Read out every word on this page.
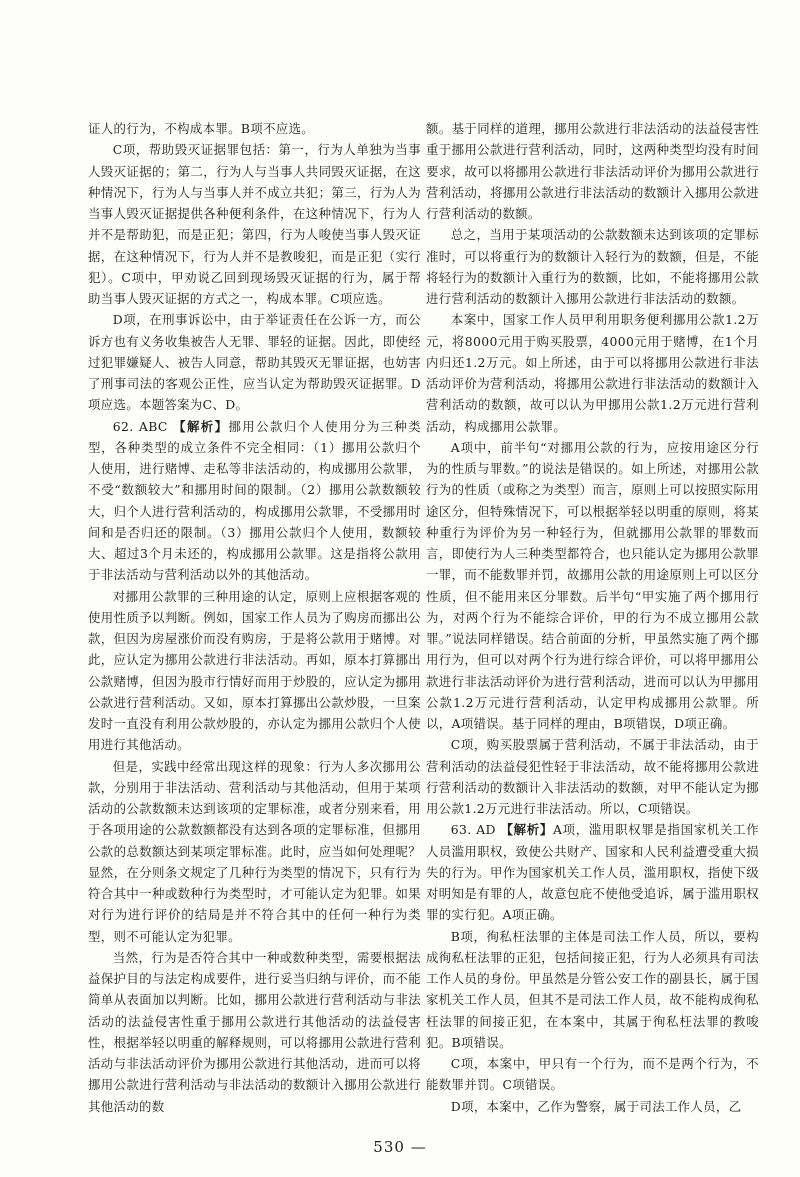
证人的行为，不构成本罪。B项不应选。

C项，帮助毁灭证据罪包括：第一，行为人单独为当事人毁灭证据的；第二，行为人与当事人共同毁灭证据，在这种情况下，行为人与当事人并不成立共犯；第三，行为人为当事人毁灭证据提供各种便利条件，在这种情况下，行为人并不是帮助犯，而是正犯；第四，行为人唆使当事人毁灭证据，在这种情况下，行为人并不是教唆犯，而是正犯（实行犯）。C项中，甲劝说乙回到现场毁灭证据的行为，属于帮助当事人毁灭证据的方式之一，构成本罪。C项应选。

D项，在刑事诉讼中，由于举证责任在公诉一方，而公诉方也有义务收集被告人无罪、罪轻的证据。因此，即使经过犯罪嫌疑人、被告人同意，帮助其毁灭无罪证据，也妨害了刑事司法的客观公正性，应当认定为帮助毁灭证据罪。D项应选。本题答案为C、D。

62. ABC 【解析】挪用公款归个人使用分为三种类型，各种类型的成立条件不完全相同：（1）挪用公款归个人使用，进行赌博、走私等非法活动的，构成挪用公款罪，不受“数额较大”和挪用时间的限制。（2）挪用公款数额较大，归个人进行营利活动的，构成挪用公款罪，不受挪用时间和是否归还的限制。（3）挪用公款归个人使用，数额较大、超过3个月未还的，构成挪用公款罪。这是指将公款用于非法活动与营利活动以外的其他活动。

对挪用公款罪的三种用途的认定，原则上应根据客观的使用性质予以判断。例如，国家工作人员为了购房而挪出公款，但因为房屋涨价而没有购房，于是将公款用于赌博。对此，应认定为挪用公款进行非法活动。再如，原本打算挪出公款赌博，但因为股市行情好而用于炒股的，应认定为挪用公款进行营利活动。又如，原本打算挪出公款炒股，一旦案发时一直没有利用公款炒股的，亦认定为挪用公款归个人使用进行其他活动。

但是，实践中经常出现这样的现象：行为人多次挪用公款，分别用于非法活动、营利活动与其他活动，但用于某项活动的公款数额未达到该项的定罪标准，或者分别来看，用于各项用途的公款数额都没有达到各项的定罪标准，但挪用公款的总数额达到某项定罪标准。此时，应当如何处理呢？显然，在分则条文规定了几种行为类型的情况下，只有行为符合其中一种或数种行为类型时，才可能认定为犯罪。如果对行为进行评价的结局是并不符合其中的任何一种行为类型，则不可能认定为犯罪。

当然，行为是否符合其中一种或数种类型，需要根据法益保护目的与法定构成要件，进行妥当归纳与评价，而不能简单从表面加以判断。比如，挪用公款进行营利活动与非法活动的法益侵害性重于挪用公款进行其他活动的法益侵害性，根据举轻以明重的解释规则，可以将挪用公款进行营利活动与非法活动评价为挪用公款进行其他活动，进而可以将挪用公款进行营利活动与非法活动的数额计入挪用公款进行其他活动的数

额。基于同样的道理，挪用公款进行非法活动的法益侵害性重于挪用公款进行营利活动，同时，这两种类型均没有时间要求，故可以将挪用公款进行非法活动评价为挪用公款进行营利活动，将挪用公款进行非法活动的数额计入挪用公款进行营利活动的数额。

总之，当用于某项活动的公款数额未达到该项的定罪标准时，可以将重行为的数额计入轻行为的数额，但是，不能将轻行为的数额计入重行为的数额，比如，不能将挪用公款进行营利活动的数额计入挪用公款进行非法活动的数额。

本案中，国家工作人员甲利用职务便利挪用公款1.2万元，将8000元用于购买股票，4000元用于赌博，在1个月内归还1.2万元。如上所述，由于可以将挪用公款进行非法活动评价为营利活动，将挪用公款进行非法活动的数额计入营利活动的数额，故可以认为甲挪用公款1.2万元进行营利活动，构成挪用公款罪。

A项中，前半句“对挪用公款的行为，应按用途区分行为的性质与罪数。”的说法是错误的。如上所述，对挪用公款行为的性质（或称之为类型）而言，原则上可以按照实际用途区分，但特殊情况下，可以根据举轻以明重的原则，将某种重行为评价为另一种轻行为，但就挪用公款罪的罪数而言，即使行为人三种类型都符合，也只能认定为挪用公款罪一罪，而不能数罪并罚，故挪用公款的用途原则上可以区分性质，但不能用来区分罪数。后半句“甲实施了两个挪用行为，对两个行为不能综合评价，甲的行为不成立挪用公款罪。”说法同样错误。结合前面的分析，甲虽然实施了两个挪用行为，但可以对两个行为进行综合评价，可以将甲挪用公款进行非法活动评价为进行营利活动，进而可以认为甲挪用公款1.2万元进行营利活动，认定甲构成挪用公款罪。所以，A项错误。基于同样的理由，B项错误，D项正确。

C项，购买股票属于营利活动，不属于非法活动，由于营利活动的法益侵犯性轻于非法活动，故不能将挪用公款进行营利活动的数额计入非法活动的数额，对甲不能认定为挪用公款1.2万元进行非法活动。所以，C项错误。

63. AD 【解析】A项，滥用职权罪是指国家机关工作人员滥用职权，致使公共财产、国家和人民利益遭受重大损失的行为。甲作为国家机关工作人员，滥用职权，指使下级对明知是有罪的人，故意包庇不使他受追诉，属于滥用职权罪的实行犯。A项正确。

B项，徇私枉法罪的主体是司法工作人员，所以，要构成徇私枉法罪的正犯，包括间接正犯，行为人必须具有司法工作人员的身份。甲虽然是分管公安工作的副县长，属于国家机关工作人员，但其不是司法工作人员，故不能构成徇私枉法罪的间接正犯，在本案中，其属于徇私枉法罪的教唆犯。B项错误。

C项，本案中，甲只有一个行为，而不是两个行为，不能数罪并罚。C项错误。

D项，本案中，乙作为警察，属于司法工作人员，乙

530 —
